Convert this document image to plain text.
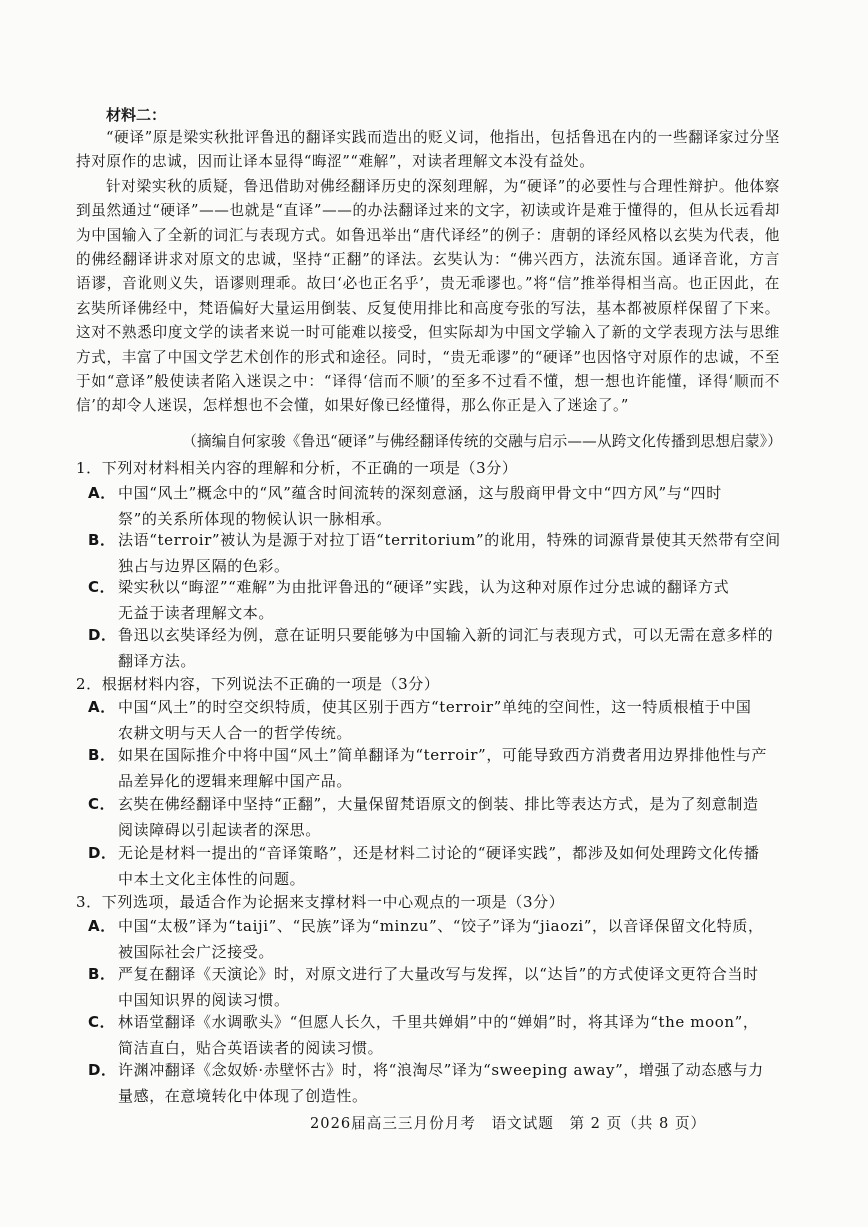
材料二：

“硬译”原是梁实秋批评鲁迅的翻译实践而造出的贬义词，他指出，包括鲁迅在内的一些翻译家过分坚持对原作的忠诚，因而让译本显得“晦涩”“难解”，对读者理解文本没有益处。

针对梁实秋的质疑，鲁迅借助对佛经翻译历史的深刻理解，为“硬译”的必要性与合理性辩护。他体察到虽然通过“硬译”——也就是“直译”——的办法翻译过来的文字，初读或许是难于懂得的，但从长远看却为中国输入了全新的词汇与表现方式。如鲁迅举出“唐代译经”的例子：唐朝的译经风格以玄奘为代表，他的佛经翻译讲求对原文的忠诚，坚持“正翻”的译法。玄奘认为：“佛兴西方，法流东国。通译音讹，方言语谬，音讹则义失，语谬则理乖。故曰‘必也正名乎’，贵无乖谬也。”将“信”推举得相当高。也正因此，在玄奘所译佛经中，梵语偏好大量运用倒装、反复使用排比和高度夸张的写法，基本都被原样保留了下来。这对不熟悉印度文学的读者来说一时可能难以接受，但实际却为中国文学输入了新的文学表现方法与思维方式，丰富了中国文学艺术创作的形式和途径。同时，“贵无乖谬”的“硬译”也因恪守对原作的忠诚，不至于如“意译”般使读者陷入迷误之中：“译得‘信而不顺’的至多不过看不懂，想一想也许能懂，译得‘顺而不信’的却令人迷误，怎样想也不会懂，如果好像已经懂得，那么你正是入了迷途了。”

（摘编自何家骏《鲁迅“硬译”与佛经翻译传统的交融与启示——从跨文化传播到思想启蒙》）
1．下列对材料相关内容的理解和分析，不正确的一项是（3分）
A． 中国“风土”概念中的“风”蕴含时间流转的深刻意涵，这与殷商甲骨文中“四方风”与“四时
祭”的关系所体现的物候认识一脉相承。
B． 法语“terroir”被认为是源于对拉丁语“territorium”的讹用，特殊的词源背景使其天然带有空间
独占与边界区隔的色彩。
C． 梁实秋以“晦涩”“难解”为由批评鲁迅的“硬译”实践，认为这种对原作过分忠诚的翻译方式
无益于读者理解文本。
D．鲁迅以玄奘译经为例，意在证明只要能够为中国输入新的词汇与表现方式，可以无需在意多样的
翻译方法。
2．根据材料内容，下列说法不正确的一项是（3分）
A． 中国“风土”的时空交织特质，使其区别于西方“terroir”单纯的空间性，这一特质根植于中国
农耕文明与天人合一的哲学传统。
B． 如果在国际推介中将中国“风土”简单翻译为“terroir”，可能导致西方消费者用边界排他性与产
品差异化的逻辑来理解中国产品。
C． 玄奘在佛经翻译中坚持“正翻”，大量保留梵语原文的倒装、排比等表达方式，是为了刻意制造
阅读障碍以引起读者的深思。
D．无论是材料一提出的“音译策略”，还是材料二讨论的“硬译实践”，都涉及如何处理跨文化传播
中本土文化主体性的问题。
3．下列选项，最适合作为论据来支撑材料一中心观点的一项是（3分）
A． 中国“太极”译为“taiji”、“民族”译为“minzu”、“饺子”译为“jiaozi”，以音译保留文化特质，
被国际社会广泛接受。
B． 严复在翻译《天演论》时，对原文进行了大量改写与发挥，以“达旨”的方式使译文更符合当时
中国知识界的阅读习惯。
C． 林语堂翻译《水调歌头》“但愿人长久，千里共婵娟”中的“婵娟”时，将其译为“the moon”，
简洁直白，贴合英语读者的阅读习惯。
D．许渊冲翻译《念奴娇·赤壁怀古》时，将“浪淘尽”译为“sweeping away”，增强了动态感与力
量感，在意境转化中体现了创造性。
2026届高三三月份月考　语文试题　第 2 页（共 8 页）
